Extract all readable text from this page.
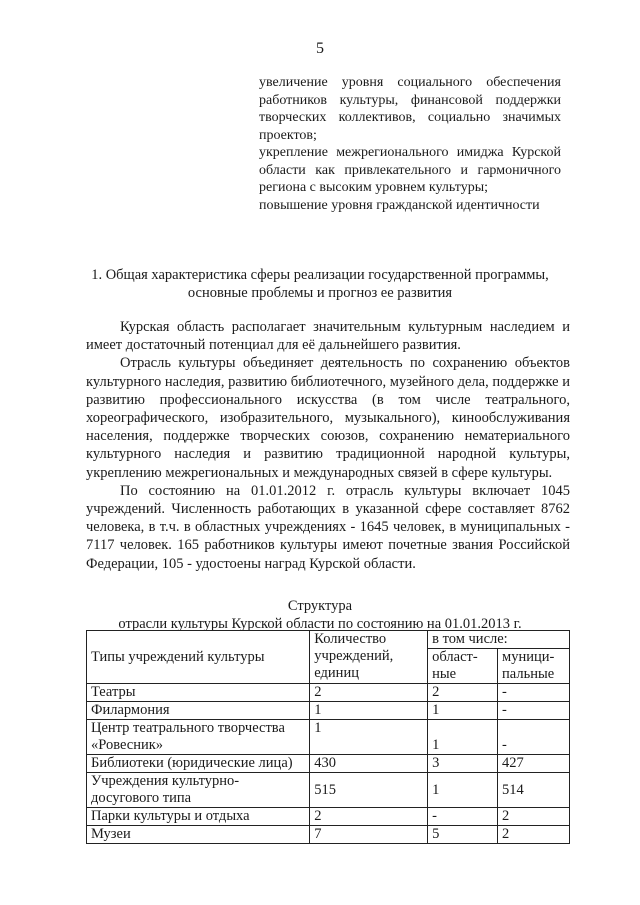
5

увеличение уровня социального обеспечения работников культуры, финансовой поддержки творческих коллективов, социально значимых проектов;

укрепление межрегионального имиджа Курской области как привлекательного и гармоничного региона с высоким уровнем культуры;

повышение уровня гражданской идентичности

1. Общая характеристика сферы реализации государственной программы,
основные проблемы и прогноз ее развития

Курская область располагает значительным культурным наследием и имеет достаточный потенциал для её дальнейшего развития.

Отрасль культуры объединяет деятельность по сохранению объектов культурного наследия, развитию библиотечного, музейного дела, поддержке и развитию профессионального искусства (в том числе театрального, хореографического, изобразительного, музыкального), кинообслуживания населения, поддержке творческих союзов, сохранению нематериального культурного наследия и развитию традиционной народной культуры, укреплению межрегиональных и международных связей в сфере культуры.

По состоянию на 01.01.2012 г. отрасль культуры включает 1045 учреждений. Численность работающих в указанной сфере составляет 8762 человека, в т.ч. в областных учреждениях - 1645 человек, в муниципальных - 7117 человек. 165 работников культуры имеют почетные звания Российской Федерации, 105 - удостоены наград Курской области.

Структура
отрасли культуры Курской области по состоянию на 01.01.2013 г.
Типы учреждений культуры	Количество учреждений, единиц	в том числе:	
		област-ные	муници-пальные
Театры	2	2	-
Филармония	1	1	-
Центр театрального творчества «Ровесник»	1	1	-
Библиотеки (юридические лица)	430	3	427
Учреждения культурно-досугового типа	515	1	514
Парки культуры и отдыха	2	-	2
Музеи	7	5	2
